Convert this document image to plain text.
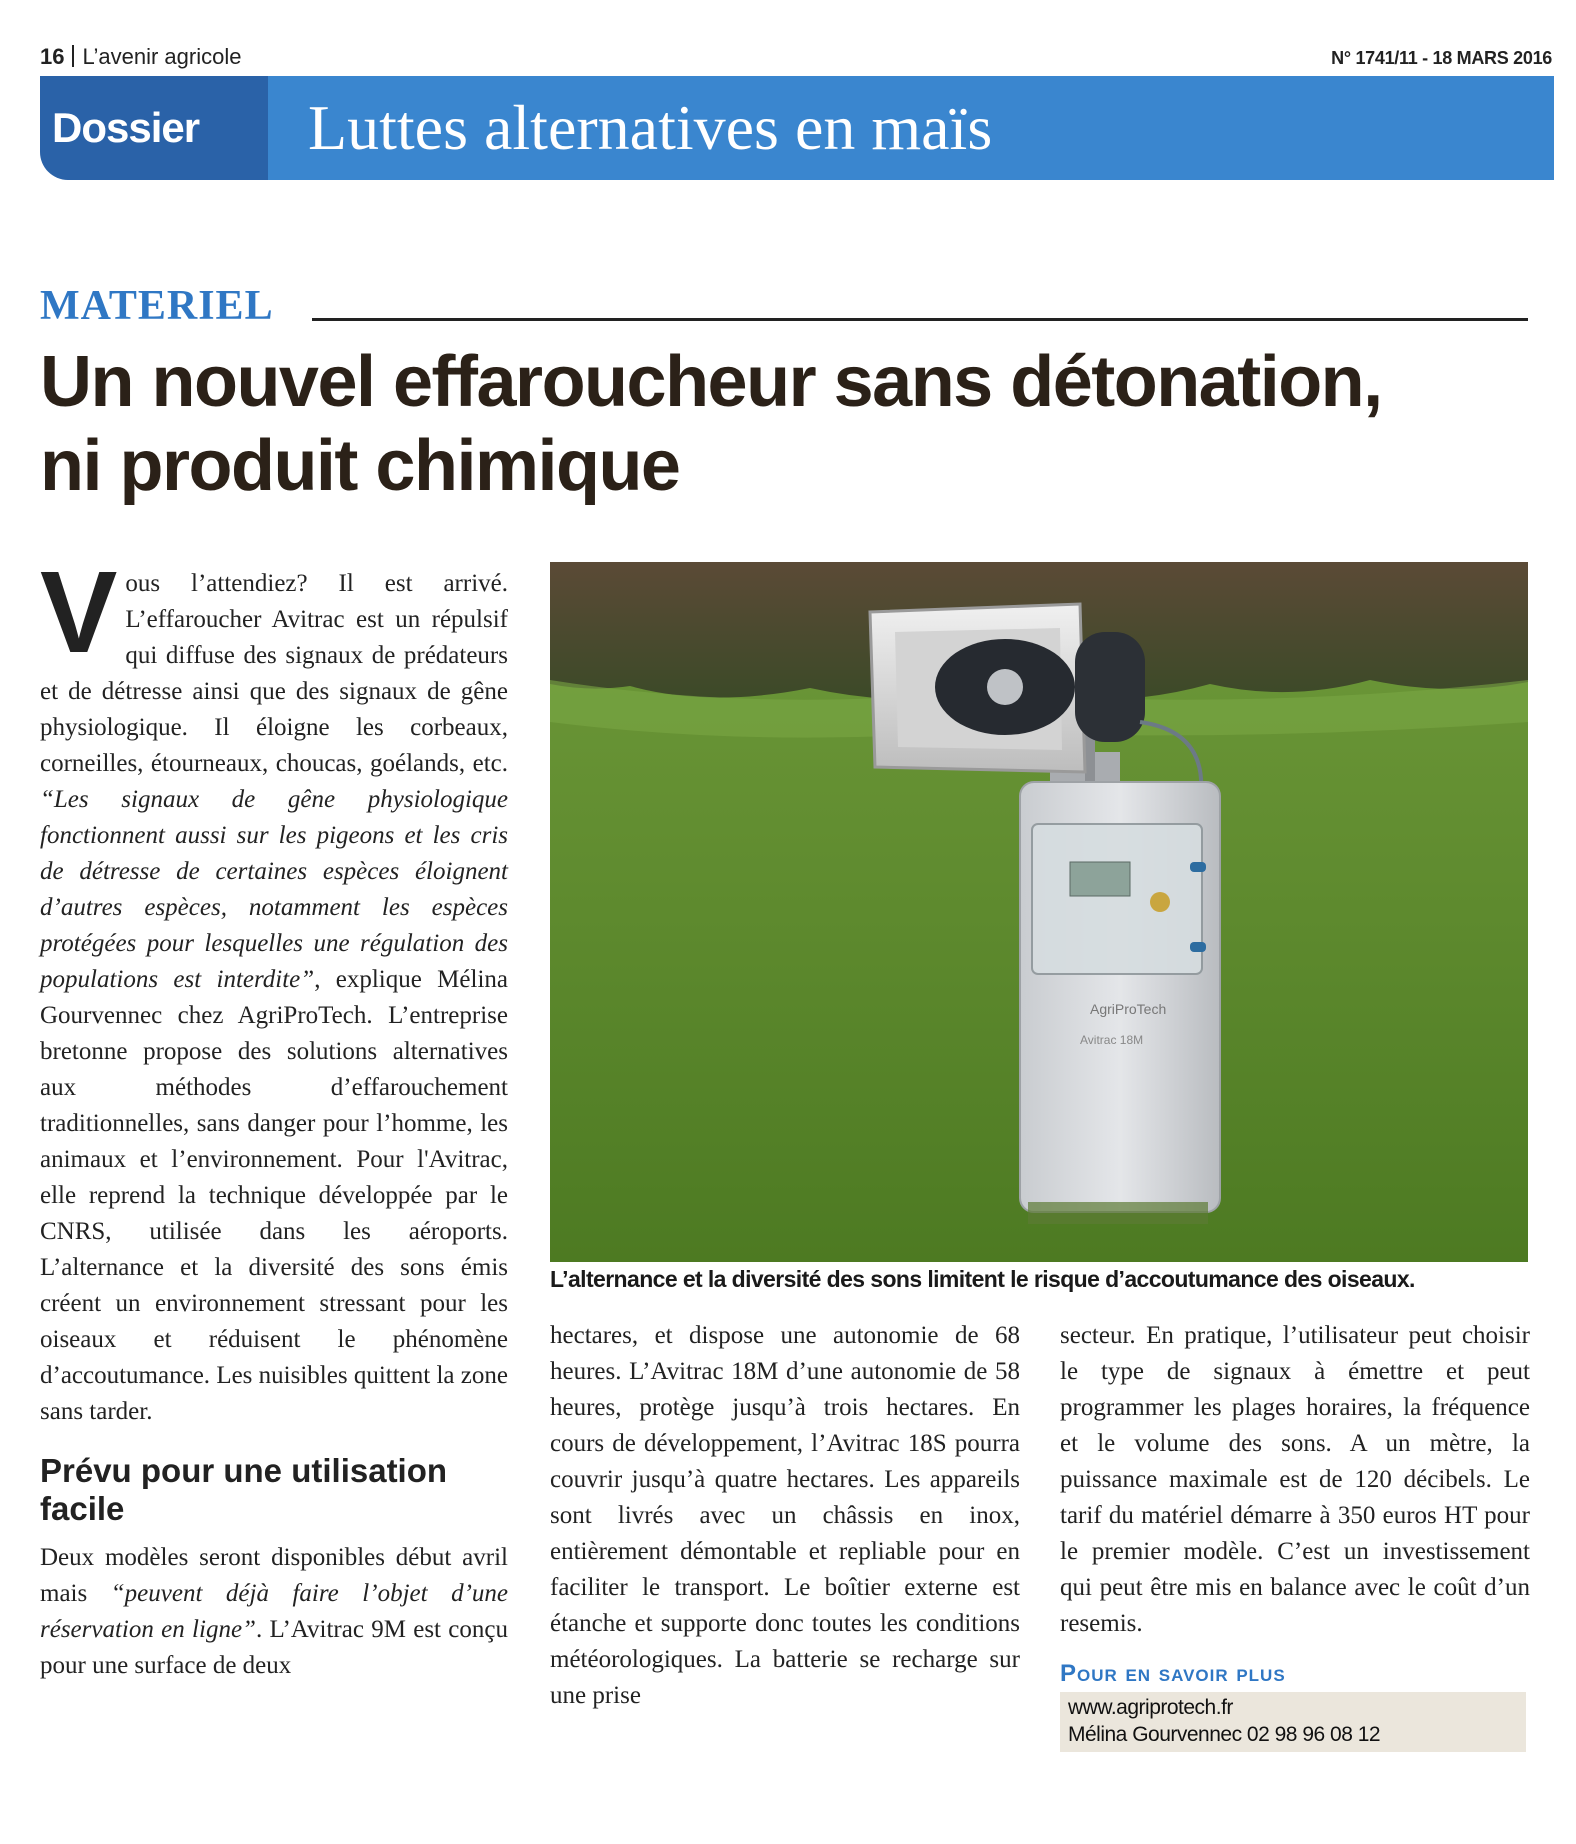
16 L’avenir agricole	N° 1741/11 - 18 MARS 2016
Dossier	Luttes alternatives en maïs
MATERIEL
Un nouvel effaroucheur sans détonation,
ni produit chimique

Vous l’attendiez? Il est arrivé. L’effaroucher Avitrac est un répulsif qui diffuse des signaux de prédateurs et de détresse ainsi que des signaux de gêne physiologique. Il éloigne les corbeaux, corneilles, étourneaux, choucas, goélands, etc. “Les signaux de gêne physiologique fonctionnent aussi sur les pigeons et les cris de détresse de certaines espèces éloignent d’autres espèces, notamment les espèces protégées pour lesquelles une régulation des populations est interdite”, explique Mélina Gourvennec chez AgriProTech. L’entreprise bretonne propose des solutions alternatives aux méthodes d’effarouchement traditionnelles, sans danger pour l’homme, les animaux et l’environnement. Pour l'Avitrac, elle reprend la technique développée par le CNRS, utilisée dans les aéroports. L’alternance et la diversité des sons émis créent un environnement stressant pour les oiseaux et réduisent le phénomène d’accoutumance. Les nuisibles quittent la zone sans tarder.

Prévu pour une utilisation facile

Deux modèles seront disponibles début avril mais “peuvent déjà faire l’objet d’une réservation en ligne”. L’Avitrac 9M est conçu pour une surface de deux

AgriProTech
Avitrac 18M
L’alternance et la diversité des sons limitent le risque d’accoutumance des oiseaux.

hectares, et dispose une autonomie de 68 heures. L’Avitrac 18M d’une autonomie de 58 heures, protège jusqu’à trois hectares. En cours de développement, l’Avitrac 18S pourra couvrir jusqu’à quatre hectares. Les appareils sont livrés avec un châssis en inox, entièrement démontable et repliable pour en faciliter le transport. Le boîtier externe est étanche et supporte donc toutes les conditions météorologiques. La batterie se recharge sur une prise

secteur. En pratique, l’utilisateur peut choisir le type de signaux à émettre et peut programmer les plages horaires, la fréquence et le volume des sons. A un mètre, la puissance maximale est de 120 décibels. Le tarif du matériel démarre à 350 euros HT pour le premier modèle. C’est un investissement qui peut être mis en balance avec le coût d’un resemis.

Pour en savoir plus
www.agriprotech.fr
Mélina Gourvennec 02 98 96 08 12
